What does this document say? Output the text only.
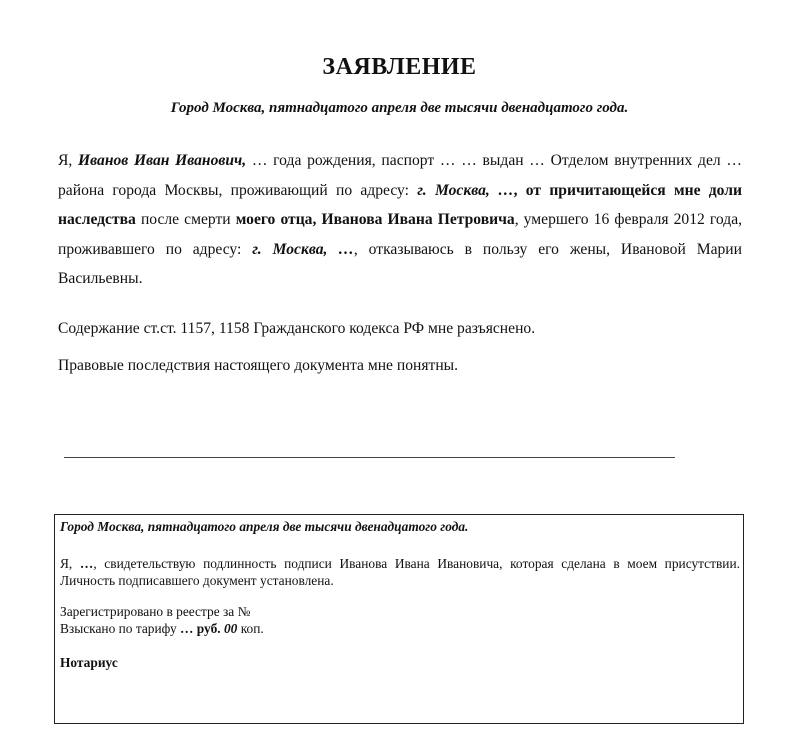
ЗАЯВЛЕНИЕ
Город Москва, пятнадцатого апреля две тысячи двенадцатого года.
Я, Иванов Иван Иванович, … года рождения, паспорт … … выдан … Отделом внутренних дел … района города Москвы, проживающий по адресу: г. Москва, …, от причитающейся мне доли наследства после смерти моего отца, Иванова Ивана Петровича, умершего 16 февраля 2012 года, проживавшего по адресу: г. Москва, …, отказываюсь в пользу его жены, Ивановой Марии Васильевны.
Содержание ст.ст. 1157, 1158 Гражданского кодекса РФ мне разъяснено.
Правовые последствия настоящего документа мне понятны.
Город Москва, пятнадцатого апреля две тысячи двенадцатого года.
Я, …, свидетельствую подлинность подписи Иванова Ивана Ивановича, которая сделана в моем присутствии. Личность подписавшего документ установлена.
Зарегистрировано в реестре за №
Взыскано по тарифу … руб. 00 коп.
Нотариус
